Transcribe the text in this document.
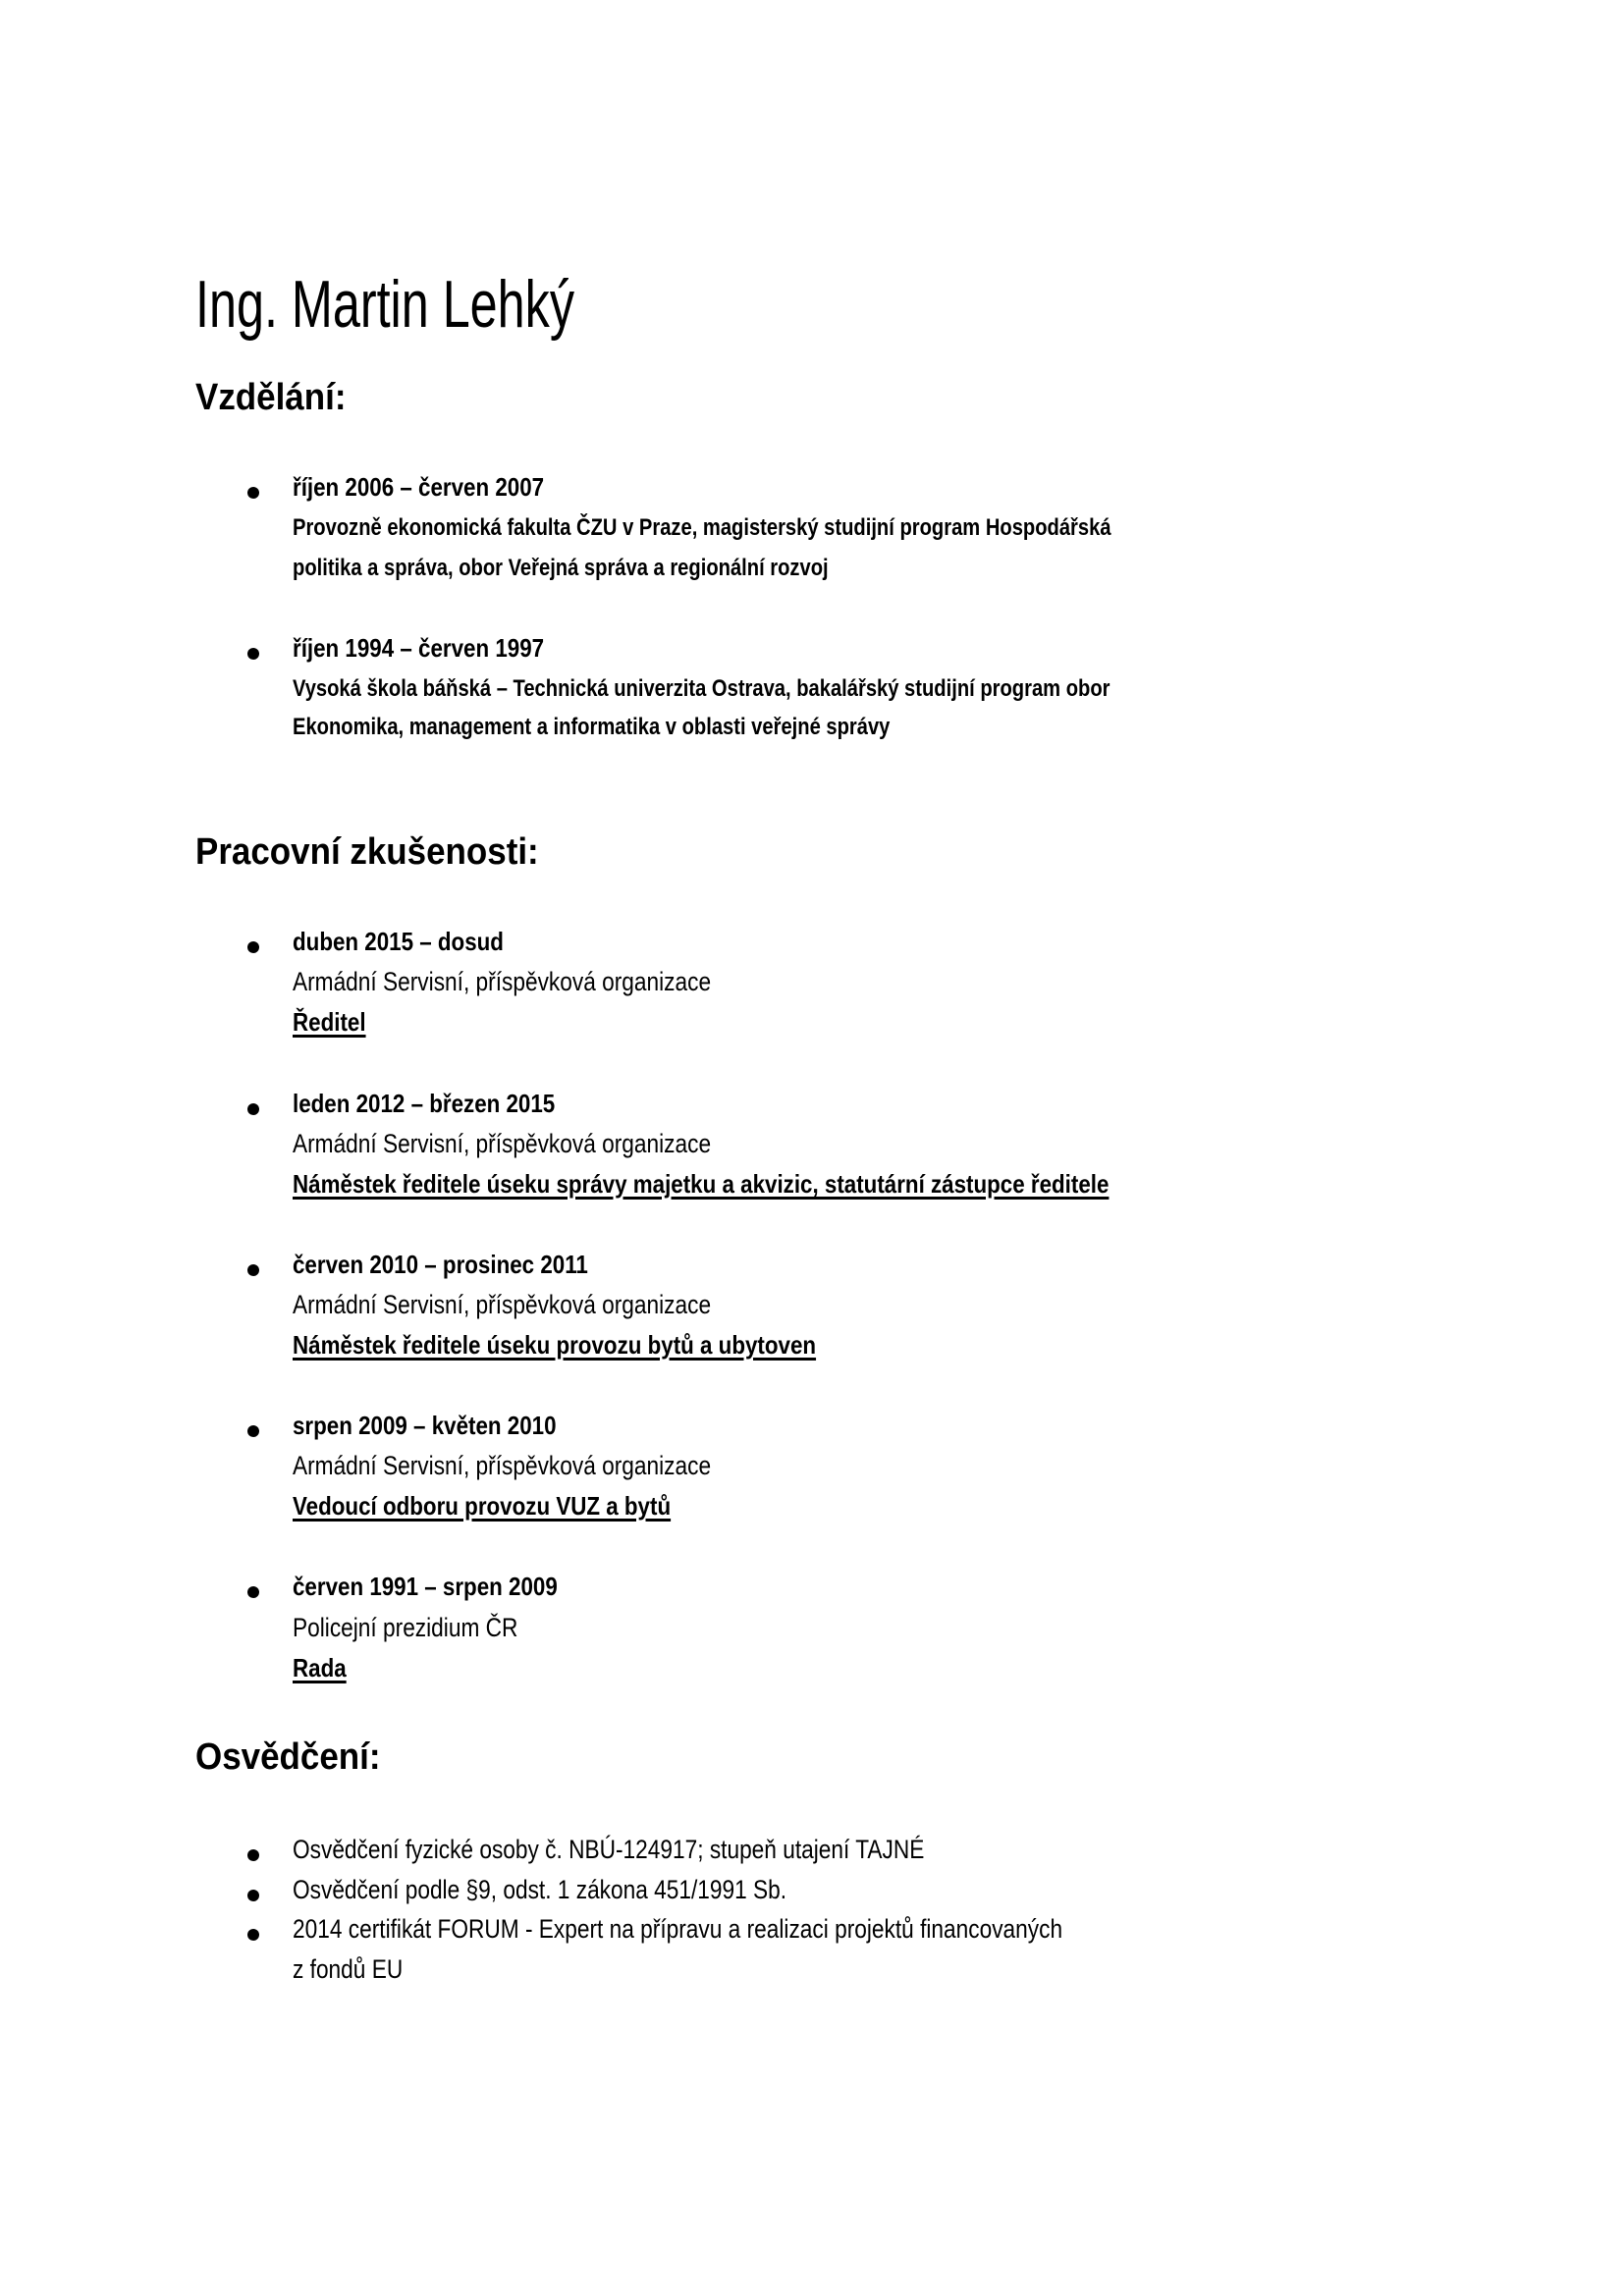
Ing. Martin Lehký
Vzdělání:
říjen 2006 – červen 2007
Provozně ekonomická fakulta ČZU v Praze, magisterský studijní program Hospodářská
politika a správa, obor Veřejná správa a regionální rozvoj
říjen 1994 – červen 1997
Vysoká škola báňská – Technická univerzita Ostrava, bakalářský studijní program obor
Ekonomika, management a informatika v oblasti veřejné správy
Pracovní zkušenosti:
duben 2015 – dosud
Armádní Servisní, příspěvková organizace
Ředitel
leden 2012 – březen 2015
Armádní Servisní, příspěvková organizace
Náměstek ředitele úseku správy majetku a akvizic, statutární zástupce ředitele
červen 2010 – prosinec 2011
Armádní Servisní, příspěvková organizace
Náměstek ředitele úseku provozu bytů a ubytoven
srpen 2009 – květen 2010
Armádní Servisní, příspěvková organizace
Vedoucí odboru provozu VUZ a bytů
červen 1991 – srpen 2009
Policejní prezidium ČR
Rada
Osvědčení:
Osvědčení fyzické osoby č. NBÚ-124917; stupeň utajení TAJNÉ
Osvědčení podle §9, odst. 1 zákona 451/1991 Sb.
2014 certifikát FORUM - Expert na přípravu a realizaci projektů financovaných
z fondů EU
